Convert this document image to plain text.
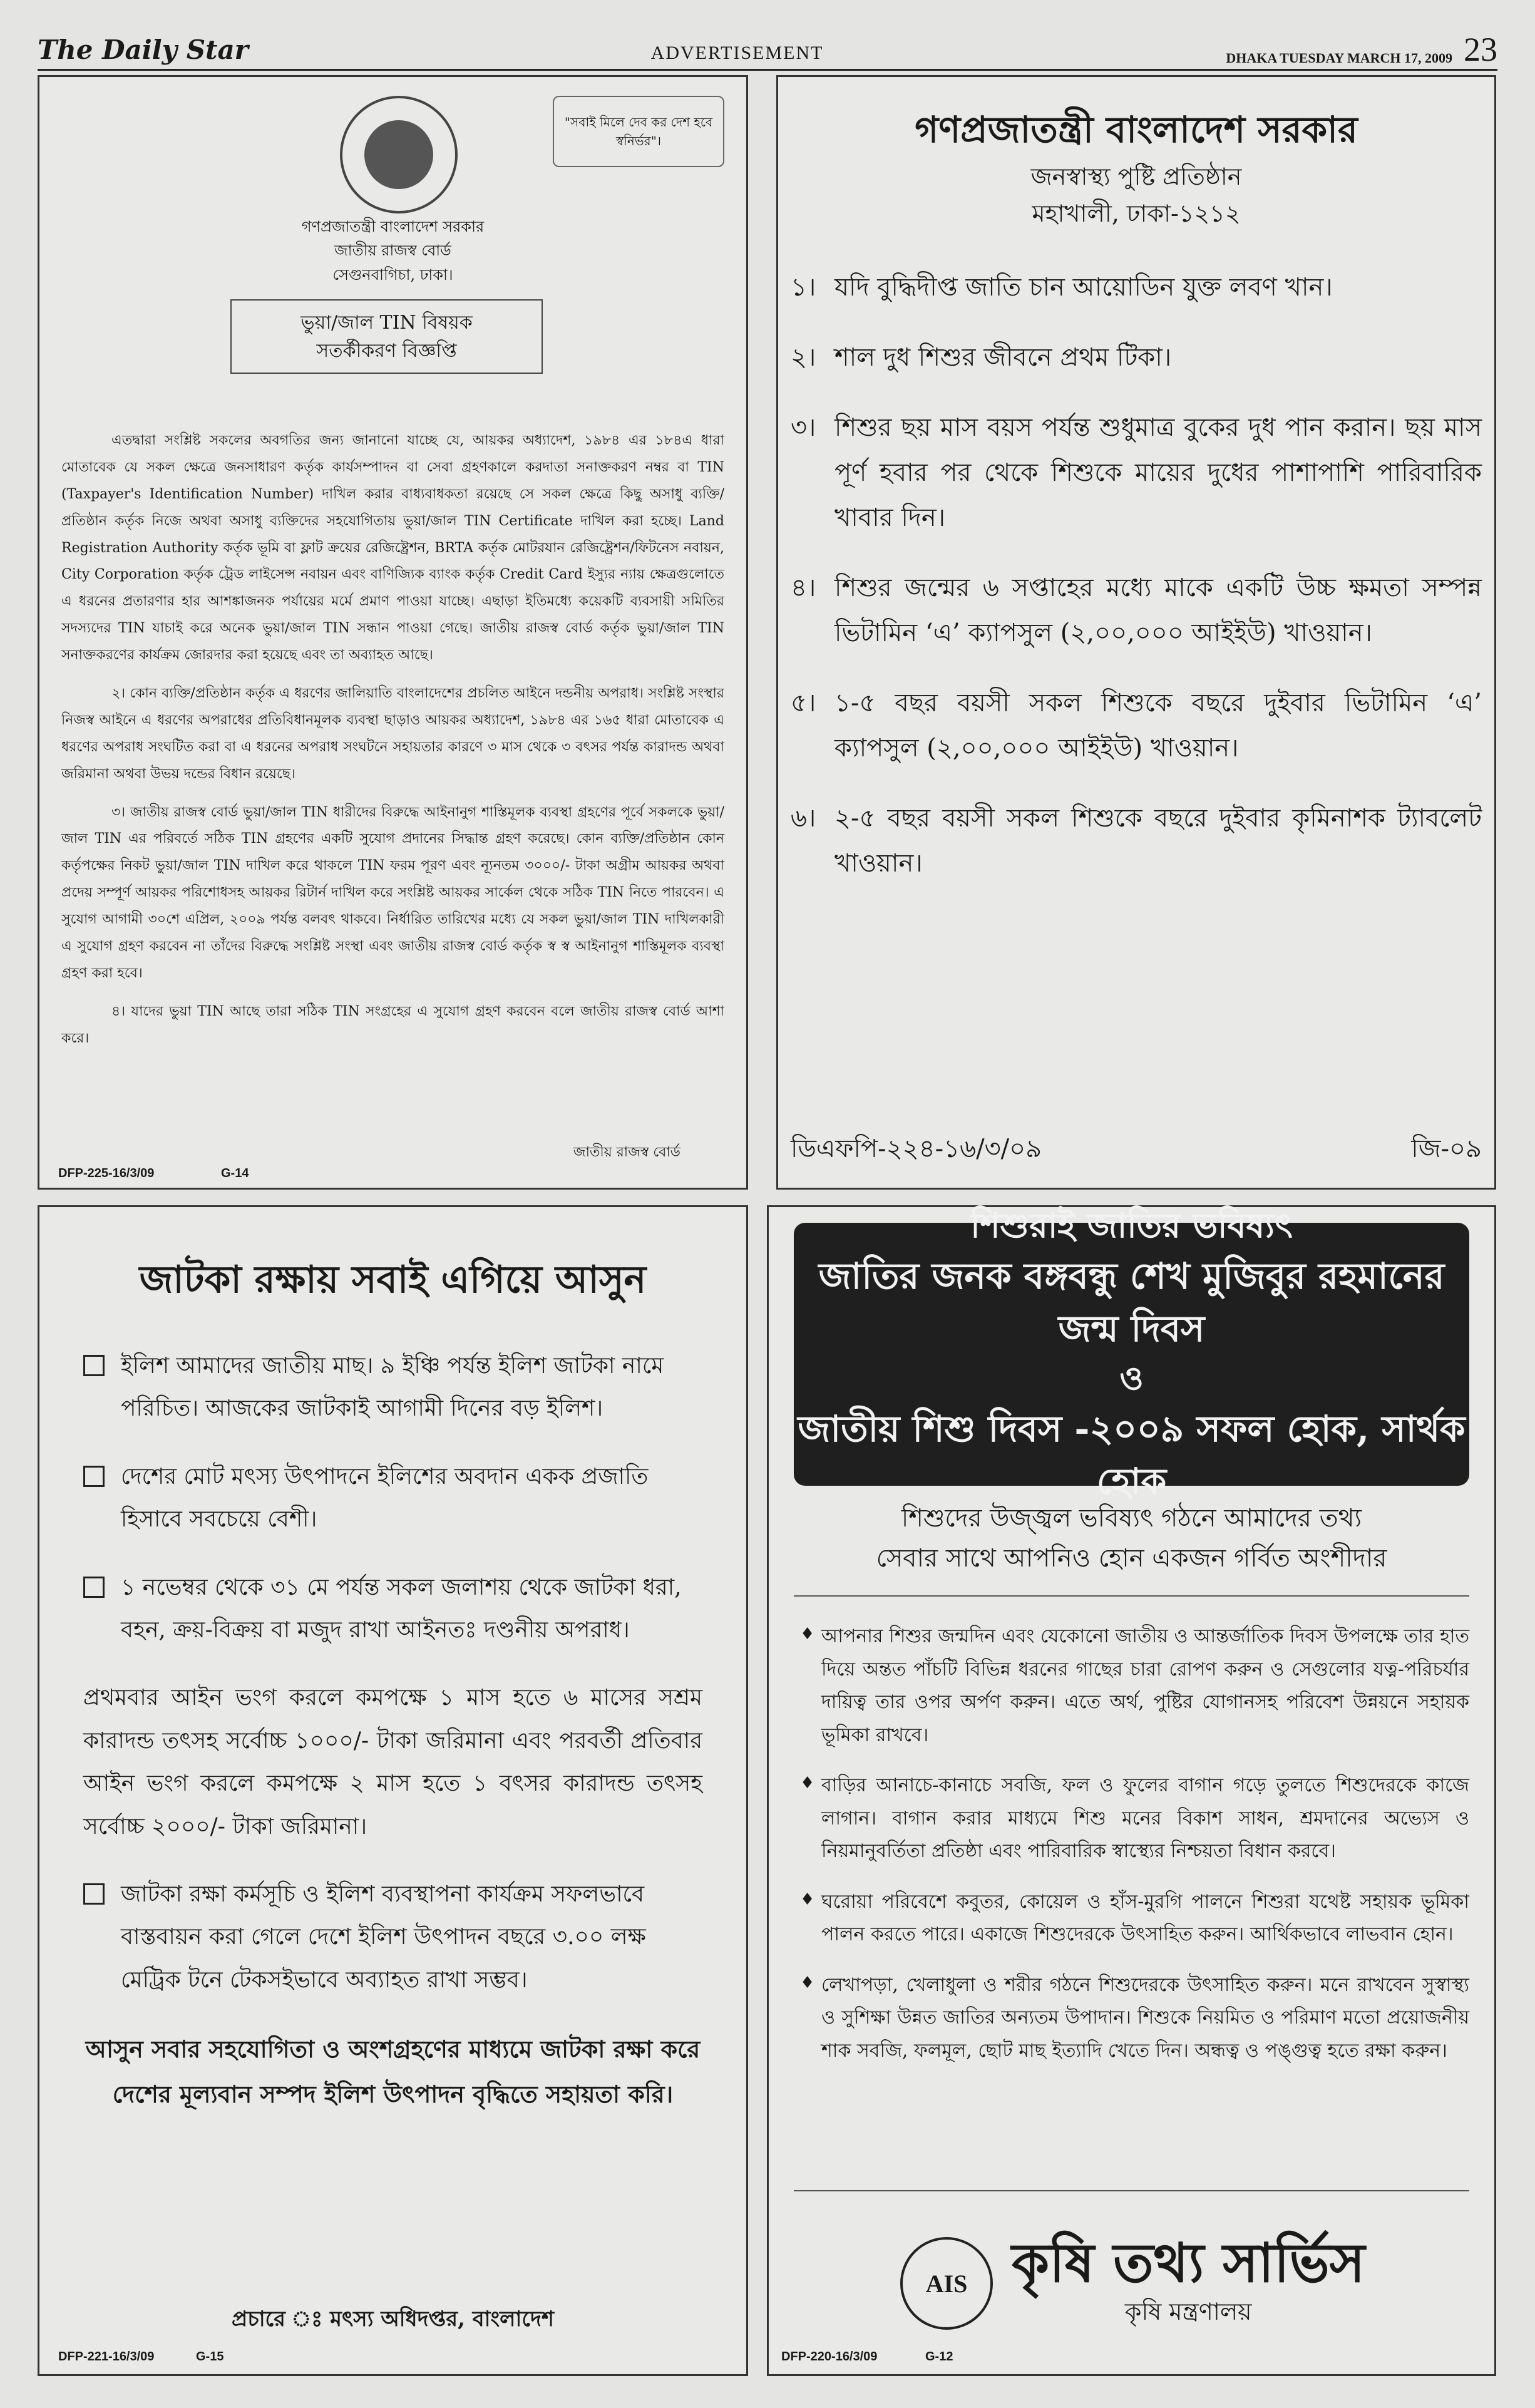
The Daily Star	ADVERTISEMENT	DHAKA TUESDAY MARCH 17, 2009 23
"সবাই মিলে দেব কর দেশ হবে স্বনির্ভর"।
গণপ্রজাতন্ত্রী বাংলাদেশ সরকার
জাতীয় রাজস্ব বোর্ড
সেগুনবাগিচা, ঢাকা।
ভুয়া/জাল TIN বিষয়ক
সতর্কীকরণ বিজ্ঞপ্তি

এতদ্বারা সংশ্লিষ্ট সকলের অবগতির জন্য জানানো যাচ্ছে যে, আয়কর অধ্যাদেশ, ১৯৮৪ এর ১৮৪এ ধারা মোতাবেক যে সকল ক্ষেত্রে জনসাধারণ কর্তৃক কার্যসম্পাদন বা সেবা গ্রহণকালে করদাতা সনাক্তকরণ নম্বর বা TIN (Taxpayer's Identification Number) দাখিল করার বাধ্যবাধকতা রয়েছে সে সকল ক্ষেত্রে কিছু অসাধু ব্যক্তি/প্রতিষ্ঠান কর্তৃক নিজে অথবা অসাধু ব্যক্তিদের সহযোগিতায় ভুয়া/জাল TIN Certificate দাখিল করা হচ্ছে। Land Registration Authority কর্তৃক ভূমি বা ফ্লাট ক্রয়ের রেজিষ্ট্রেশন, BRTA কর্তৃক মোটরযান রেজিষ্ট্রেশন/ফিটনেস নবায়ন, City Corporation কর্তৃক ট্রেড লাইসেন্স নবায়ন এবং বাণিজ্যিক ব্যাংক কর্তৃক Credit Card ইস্যুর ন্যায় ক্ষেত্রগুলোতে এ ধরনের প্রতারণার হার আশঙ্কাজনক পর্যায়ের মর্মে প্রমাণ পাওয়া যাচ্ছে। এছাড়া ইতিমধ্যে কয়েকটি ব্যবসায়ী সমিতির সদস্যদের TIN যাচাই করে অনেক ভুয়া/জাল TIN সন্ধান পাওয়া গেছে। জাতীয় রাজস্ব বোর্ড কর্তৃক ভুয়া/জাল TIN সনাক্তকরণের কার্যক্রম জোরদার করা হয়েছে এবং তা অব্যাহত আছে।

২। কোন ব্যক্তি/প্রতিষ্ঠান কর্তৃক এ ধরণের জালিয়াতি বাংলাদেশের প্রচলিত আইনে দন্ডনীয় অপরাধ। সংশ্লিষ্ট সংস্থার নিজস্ব আইনে এ ধরণের অপরাধের প্রতিবিধানমূলক ব্যবস্থা ছাড়াও আয়কর অধ্যাদেশ, ১৯৮৪ এর ১৬৫ ধারা মোতাবেক এ ধরণের অপরাধ সংঘটিত করা বা এ ধরনের অপরাধ সংঘটনে সহায়তার কারণে ৩ মাস থেকে ৩ বৎসর পর্যন্ত কারাদন্ড অথবা জরিমানা অথবা উভয় দন্ডের বিধান রয়েছে।

৩। জাতীয় রাজস্ব বোর্ড ভুয়া/জাল TIN ধারীদের বিরুদ্ধে আইনানুগ শাস্তিমূলক ব্যবস্থা গ্রহণের পূর্বে সকলকে ভুয়া/জাল TIN এর পরিবর্তে সঠিক TIN গ্রহণের একটি সুযোগ প্রদানের সিদ্ধান্ত গ্রহণ করেছে। কোন ব্যক্তি/প্রতিষ্ঠান কোন কর্তৃপক্ষের নিকট ভুয়া/জাল TIN দাখিল করে থাকলে TIN ফরম পূরণ এবং ন্যূনতম ৩০০০/- টাকা অগ্রীম আয়কর অথবা প্রদেয় সম্পূর্ণ আয়কর পরিশোধসহ আয়কর রিটার্ন দাখিল করে সংশ্লিষ্ট আয়কর সার্কেল থেকে সঠিক TIN নিতে পারবেন। এ সুযোগ আগামী ৩০শে এপ্রিল, ২০০৯ পর্যন্ত বলবৎ থাকবে। নির্ধারিত তারিখের মধ্যে যে সকল ভুয়া/জাল TIN দাখিলকারী এ সুযোগ গ্রহণ করবেন না তাঁদের বিরুদ্ধে সংশ্লিষ্ট সংস্থা এবং জাতীয় রাজস্ব বোর্ড কর্তৃক স্ব স্ব আইনানুগ শাস্তিমূলক ব্যবস্থা গ্রহণ করা হবে।

৪। যাদের ভুয়া TIN আছে তারা সঠিক TIN সংগ্রহের এ সুযোগ গ্রহণ করবেন বলে জাতীয় রাজস্ব বোর্ড আশা করে।

জাতীয় রাজস্ব বোর্ড
DFP-225-16/3/09	G-14
গণপ্রজাতন্ত্রী বাংলাদেশ সরকার
জনস্বাস্থ্য পুষ্টি প্রতিষ্ঠান
মহাখালী, ঢাকা-১২১২
১। যদি বুদ্ধিদীপ্ত জাতি চান আয়োডিন যুক্ত লবণ খান।
২। শাল দুধ শিশুর জীবনে প্রথম টিকা।
৩। শিশুর ছয় মাস বয়স পর্যন্ত শুধুমাত্র বুকের দুধ পান করান। ছয় মাস পূর্ণ হবার পর থেকে শিশুকে মায়ের দুধের পাশাপাশি পারিবারিক খাবার দিন।
৪। শিশুর জন্মের ৬ সপ্তাহের মধ্যে মাকে একটি উচ্চ ক্ষমতা সম্পন্ন ভিটামিন ‘এ’ ক্যাপসুল (২,০০,০০০ আইইউ) খাওয়ান।
৫। ১-৫ বছর বয়সী সকল শিশুকে বছরে দুইবার ভিটামিন ‘এ’ ক্যাপসুল (২,০০,০০০ আইইউ) খাওয়ান।
৬। ২-৫ বছর বয়সী সকল শিশুকে বছরে দুইবার কৃমিনাশক ট্যাবলেট খাওয়ান।
ডিএফপি-২২৪-১৬/৩/০৯	জি-০৯
জাটকা রক্ষায় সবাই এগিয়ে আসুন
ইলিশ আমাদের জাতীয় মাছ। ৯ ইঞ্চি পর্যন্ত ইলিশ জাটকা নামে পরিচিত। আজকের জাটকাই আগামী দিনের বড় ইলিশ।
দেশের মোট মৎস্য উৎপাদনে ইলিশের অবদান একক প্রজাতি হিসাবে সবচেয়ে বেশী।
১ নভেম্বর থেকে ৩১ মে পর্যন্ত সকল জলাশয় থেকে জাটকা ধরা, বহন, ক্রয়-বিক্রয় বা মজুদ রাখা আইনতঃ দণ্ডনীয় অপরাধ।

প্রথমবার আইন ভংগ করলে কমপক্ষে ১ মাস হতে ৬ মাসের সশ্রম কারাদন্ড তৎসহ সর্বোচ্চ ১০০০/- টাকা জরিমানা এবং পরবর্তী প্রতিবার আইন ভংগ করলে কমপক্ষে ২ মাস হতে ১ বৎসর কারাদন্ড তৎসহ সর্বোচ্চ ২০০০/- টাকা জরিমানা।

জাটকা রক্ষা কর্মসূচি ও ইলিশ ব্যবস্থাপনা কার্যক্রম সফলভাবে বাস্তবায়ন করা গেলে দেশে ইলিশ উৎপাদন বছরে ৩.০০ লক্ষ মেট্রিক টনে টেকসইভাবে অব্যাহত রাখা সম্ভব।
আসুন সবার সহযোগিতা ও অংশগ্রহণের মাধ্যমে জাটকা রক্ষা করে দেশের মূল্যবান সম্পদ ইলিশ উৎপাদন বৃদ্ধিতে সহায়তা করি।
প্রচারে ঃ মৎস্য অধিদপ্তর, বাংলাদেশ
DFP-221-16/3/09	G-15
শিশুরাই জাতির ভবিষ্যৎ
জাতির জনক বঙ্গবন্ধু শেখ মুজিবুর রহমানের জন্ম দিবস
ও
জাতীয় শিশু দিবস -২০০৯ সফল হোক, সার্থক হোক
শিশুদের উজ্জ্বল ভবিষ্যৎ গঠনে আমাদের তথ্য
সেবার সাথে আপনিও হোন একজন গর্বিত অংশীদার
♦ আপনার শিশুর জন্মদিন এবং যেকোনো জাতীয় ও আন্তর্জাতিক দিবস উপলক্ষে তার হাত দিয়ে অন্তত পাঁচটি বিভিন্ন ধরনের গাছের চারা রোপণ করুন ও সেগুলোর যত্ন-পরিচর্যার দায়িত্ব তার ওপর অর্পণ করুন। এতে অর্থ, পুষ্টির যোগানসহ পরিবেশ উন্নয়নে সহায়ক ভূমিকা রাখবে।
♦ বাড়ির আনাচে-কানাচে সবজি, ফল ও ফুলের বাগান গড়ে তুলতে শিশুদেরকে কাজে লাগান। বাগান করার মাধ্যমে শিশু মনের বিকাশ সাধন, শ্রমদানের অভ্যেস ও নিয়মানুবর্তিতা প্রতিষ্ঠা এবং পারিবারিক স্বাস্থ্যের নিশ্চয়তা বিধান করবে।
♦ ঘরোয়া পরিবেশে কবুতর, কোয়েল ও হাঁস-মুরগি পালনে শিশুরা যথেষ্ট সহায়ক ভূমিকা পালন করতে পারে। একাজে শিশুদেরকে উৎসাহিত করুন। আর্থিকভাবে লাভবান হোন।
♦ লেখাপড়া, খেলাধুলা ও শরীর গঠনে শিশুদেরকে উৎসাহিত করুন। মনে রাখবেন সুস্বাস্থ্য ও সুশিক্ষা উন্নত জাতির অন্যতম উপাদান। শিশুকে নিয়মিত ও পরিমাণ মতো প্রয়োজনীয় শাক সবজি, ফলমূল, ছোট মাছ ইত্যাদি খেতে দিন। অন্ধত্ব ও পঙ্গুত্ব হতে রক্ষা করুন।
AIS কৃষি তথ্য সার্ভিস
কৃষি মন্ত্রণালয়
DFP-220-16/3/09	G-12
